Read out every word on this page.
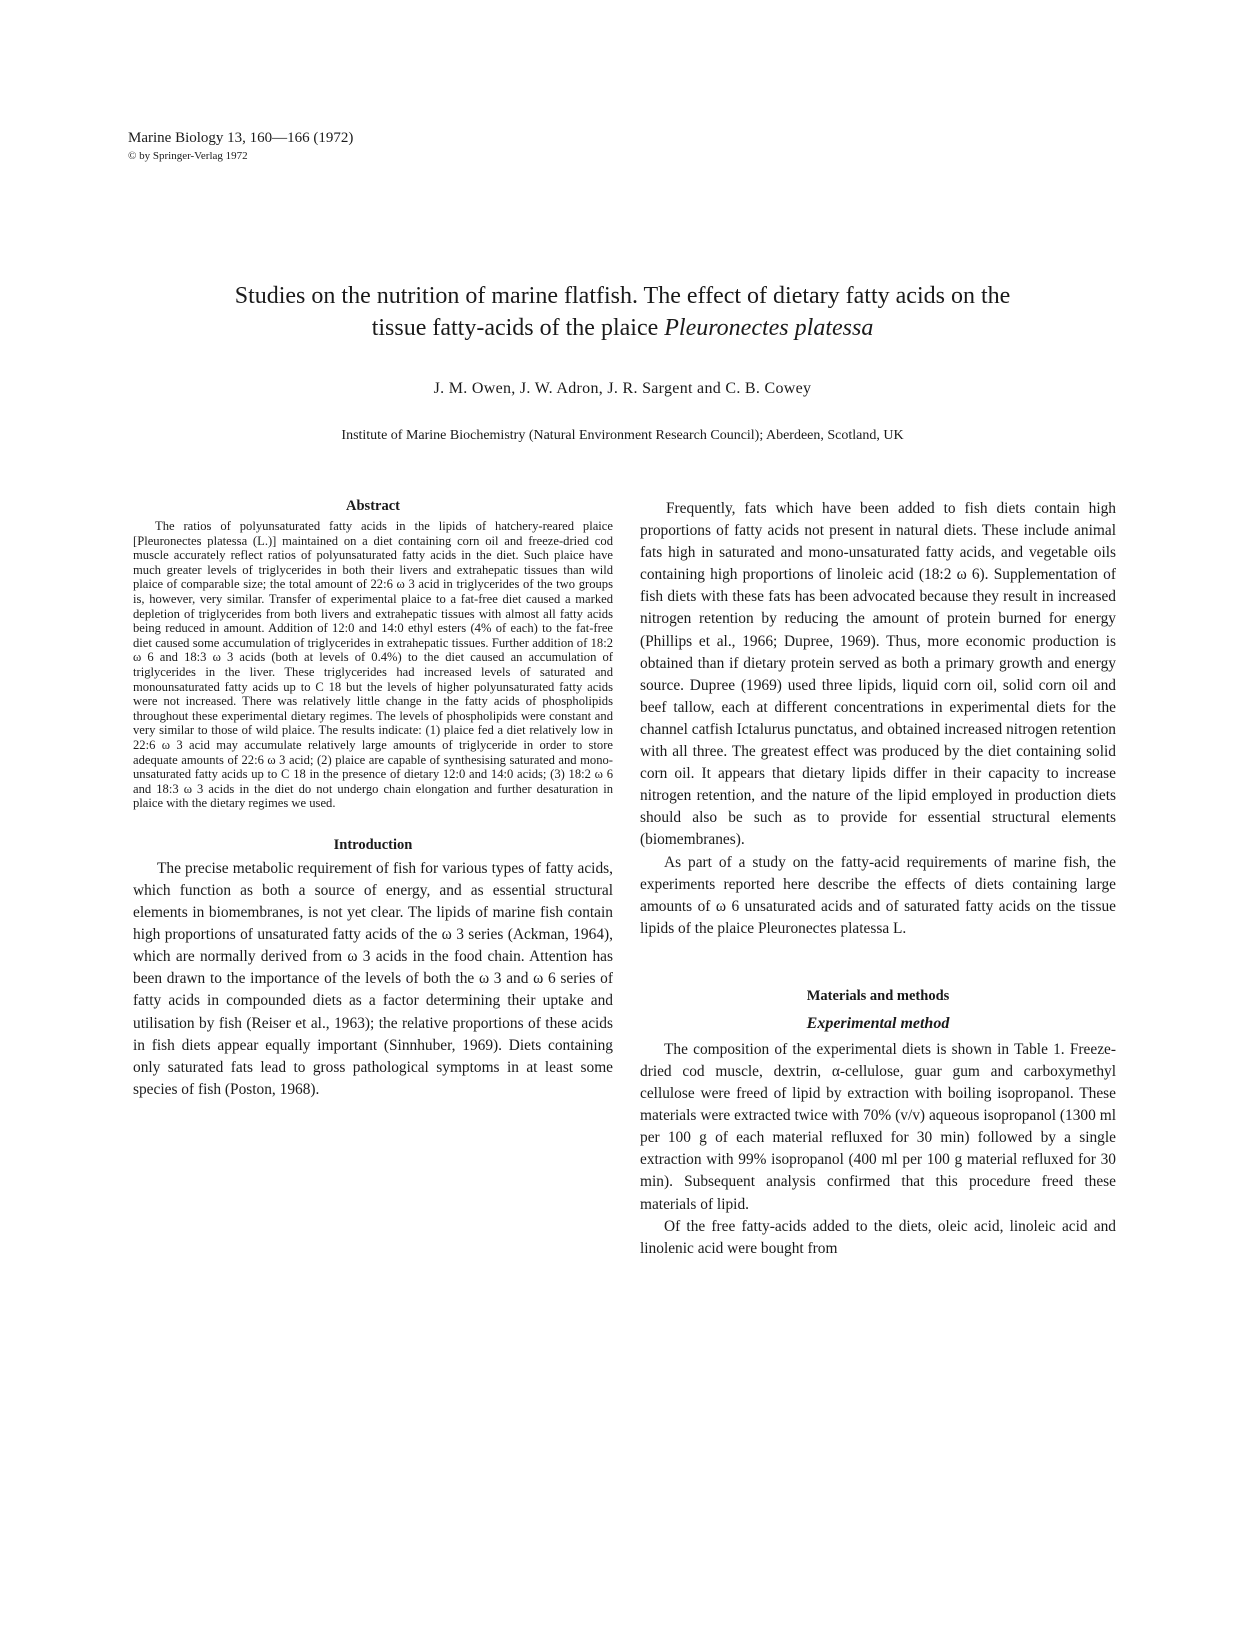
Marine Biology 13, 160—166 (1972)
© by Springer-Verlag 1972
Studies on the nutrition of marine flatfish. The effect of dietary fatty acids on the
tissue fatty-acids of the plaice Pleuronectes platessa
J. M. Owen, J. W. Adron, J. R. Sargent and C. B. Cowey
Institute of Marine Biochemistry (Natural Environment Research Council); Aberdeen, Scotland, UK
Abstract

The ratios of polyunsaturated fatty acids in the lipids of hatchery-reared plaice [Pleuronectes platessa (L.)] maintained on a diet containing corn oil and freeze-dried cod muscle accurately reflect ratios of polyunsaturated fatty acids in the diet. Such plaice have much greater levels of triglycerides in both their livers and extrahepatic tissues than wild plaice of comparable size; the total amount of 22:6 ω 3 acid in triglycerides of the two groups is, however, very similar. Transfer of experimental plaice to a fat-free diet caused a marked depletion of triglycerides from both livers and extrahepatic tissues with almost all fatty acids being reduced in amount. Addition of 12:0 and 14:0 ethyl esters (4% of each) to the fat-free diet caused some accumulation of triglycerides in extrahepatic tissues. Further addition of 18:2 ω 6 and 18:3 ω 3 acids (both at levels of 0.4%) to the diet caused an accumulation of triglycerides in the liver. These triglycerides had increased levels of saturated and monounsaturated fatty acids up to C 18 but the levels of higher polyunsaturated fatty acids were not increased. There was relatively little change in the fatty acids of phospholipids throughout these experimental dietary regimes. The levels of phospholipids were constant and very similar to those of wild plaice. The results indicate: (1) plaice fed a diet relatively low in 22:6 ω 3 acid may accumulate relatively large amounts of triglyceride in order to store adequate amounts of 22:6 ω 3 acid; (2) plaice are capable of synthesising saturated and mono-unsaturated fatty acids up to C 18 in the presence of dietary 12:0 and 14:0 acids; (3) 18:2 ω 6 and 18:3 ω 3 acids in the diet do not undergo chain elongation and further desaturation in plaice with the dietary regimes we used.

Introduction

The precise metabolic requirement of fish for various types of fatty acids, which function as both a source of energy, and as essential structural elements in biomembranes, is not yet clear. The lipids of marine fish contain high proportions of unsaturated fatty acids of the ω 3 series (Ackman, 1964), which are normally derived from ω 3 acids in the food chain. Attention has been drawn to the importance of the levels of both the ω 3 and ω 6 series of fatty acids in compounded diets as a factor determining their uptake and utilisation by fish (Reiser et al., 1963); the relative proportions of these acids in fish diets appear equally important (Sinnhuber, 1969). Diets containing only saturated fats lead to gross pathological symptoms in at least some species of fish (Poston, 1968).

Frequently, fats which have been added to fish diets contain high proportions of fatty acids not present in natural diets. These include animal fats high in saturated and mono-unsaturated fatty acids, and vegetable oils containing high proportions of linoleic acid (18:2 ω 6). Supplementation of fish diets with these fats has been advocated because they result in increased nitrogen retention by reducing the amount of protein burned for energy (Phillips et al., 1966; Dupree, 1969). Thus, more economic production is obtained than if dietary protein served as both a primary growth and energy source. Dupree (1969) used three lipids, liquid corn oil, solid corn oil and beef tallow, each at different concentrations in experimental diets for the channel catfish Ictalurus punctatus, and obtained increased nitrogen retention with all three. The greatest effect was produced by the diet containing solid corn oil. It appears that dietary lipids differ in their capacity to increase nitrogen retention, and the nature of the lipid employed in production diets should also be such as to provide for essential structural elements (biomembranes).

As part of a study on the fatty-acid requirements of marine fish, the experiments reported here describe the effects of diets containing large amounts of ω 6 unsaturated acids and of saturated fatty acids on the tissue lipids of the plaice Pleuronectes platessa L.

Materials and methods
Experimental method

The composition of the experimental diets is shown in Table 1. Freeze-dried cod muscle, dextrin, α-cellulose, guar gum and carboxymethyl cellulose were freed of lipid by extraction with boiling isopropanol. These materials were extracted twice with 70% (v/v) aqueous isopropanol (1300 ml per 100 g of each material refluxed for 30 min) followed by a single extraction with 99% isopropanol (400 ml per 100 g material refluxed for 30 min). Subsequent analysis confirmed that this procedure freed these materials of lipid.

Of the free fatty-acids added to the diets, oleic acid, linoleic acid and linolenic acid were bought from
